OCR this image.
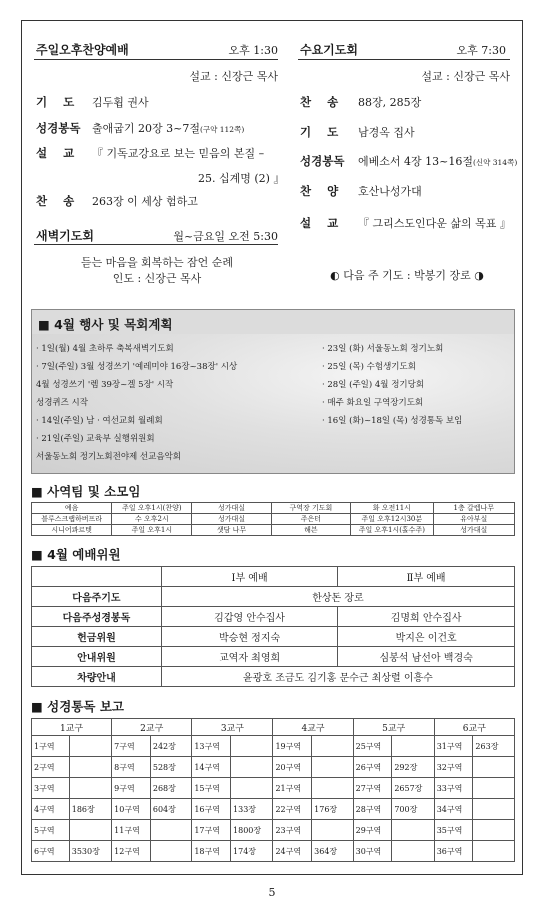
주일오후찬양예배	오후 1:30
설교 : 신장근 목사
기 도	김두횝 권사
성경봉독 출애굽기 20장 3~7절(구약 112쪽)
설 교	『 기독교강요로 보는 믿음의 본질 –
25. 십계명 (2) 』
찬 송	263장 이 세상 험하고
새벽기도회	월~금요일 오전 5:30
듣는 마음을 회복하는 잠언 순례
인도 : 신장근 목사
수요기도회	오후 7:30
설교 : 신장근 목사
찬 송	88장, 285장
기 도	남경옥 집사
성경봉독 에베소서 4장 13~16절(신약 314쪽)
찬 양	호산나성가대
설 교	『 그리스도인다운 삶의 목표 』
◐ 다음 주 기도 : 박봉기 장로 ◑
■ 4월 행사 및 목회계획
· 1일(월) 4월 초하루 축복새벽기도회
· 7일(주일) 3월 성경쓰기 '예레미야 16장~38장' 시상
4월 성경쓰기 '렘 39장~겔 5장' 시작
성경퀴즈 시작
· 14일(주일) 남 · 여선교회 월례회
· 21일(주일) 교육부 실행위원회
서울동노회 정기노회전야제 선교음악회
· 23일 (화) 서울동노회 정기노회
· 25일 (목) 수험생기도회
· 28일 (주일) 4월 정기당회
· 매주 화요일 구역장기도회
· 16일 (화)~18일 (목) 성경통독 보임
■ 사역팀 및 소모임
예음	주일 오후1시(찬양)	성가대실	구역장 기도회	화 오전11시	1층 갈렙나무
블루스크랩하버프라	수 오후2시	성가대실	주은터	주일 오후12시30분	유아부실
시니어콰르텟	주일 오후1시	샛담 나무	해븐	주일 오후1시(홀수주)	성가대실
■ 4월 예배위원
	Ⅰ부 예배	Ⅱ부 예배
다음주기도	한상돈 장로	
다음주성경봉독	김갑영 안수집사	김명희 안수집사
헌금위원	박승현 정지숙	박지은 이건호
안내위원	교역자 최영희	심봉석 남선아 백경숙
차량안내	윤광호 조금도 김기홍 문수근 최상렬 이흥수	
■ 성경통독 보고
1교구		2교구		3교구		4교구		5교구		6교구	
1구역		7구역	242장	13구역		19구역		25구역		31구역	263장
2구역		8구역	528장	14구역		20구역		26구역	292장	32구역	
3구역		9구역	268장	15구역		21구역		27구역	2657장	33구역	
4구역	186장	10구역	604장	16구역	133장	22구역	176장	28구역	700장	34구역	
5구역		11구역		17구역	1800장	23구역		29구역		35구역	
6구역	3530장	12구역		18구역	174장	24구역	364장	30구역		36구역	
5
